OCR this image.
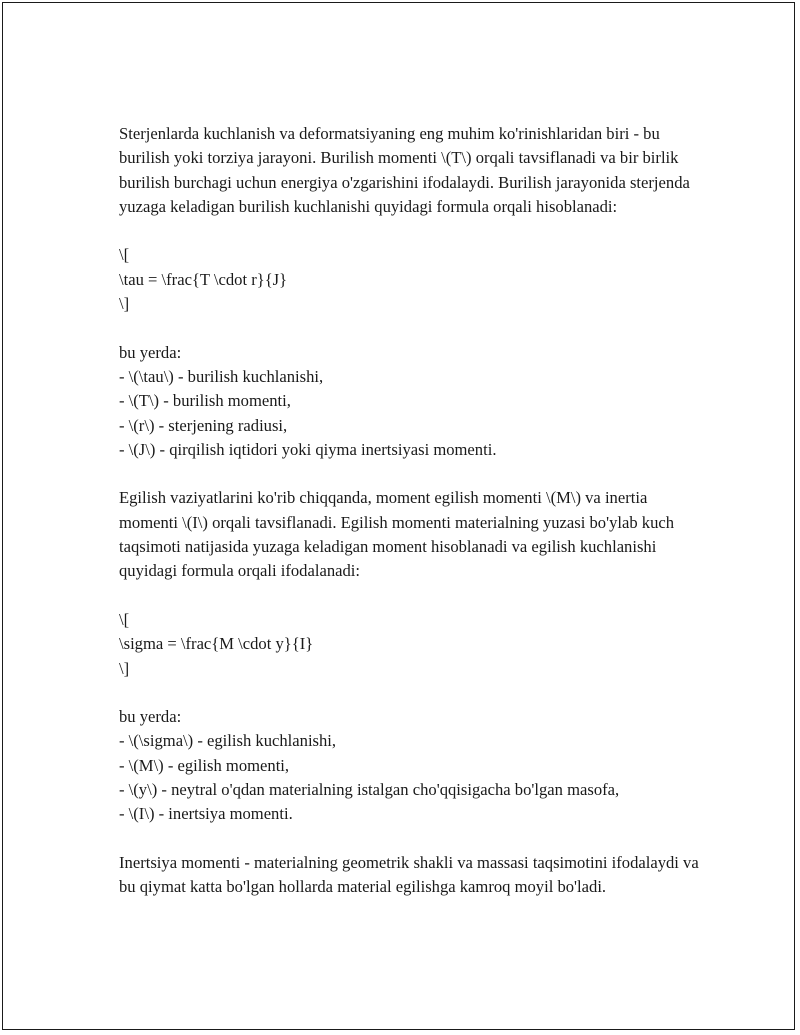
Sterjenlarda kuchlanish va deformatsiyaning eng muhim ko'rinishlaridan biri - bu burilish yoki torziya jarayoni. Burilish momenti \(T\) orqali tavsiflanadi va bir birlik burilish burchagi uchun energiya o'zgarishini ifodalaydi. Burilish jarayonida sterjenda yuzaga keladigan burilish kuchlanishi quyidagi formula orqali hisoblanadi:

\[
\tau = \frac{T \cdot r}{J}
\]
bu yerda:
- \(\tau\) - burilish kuchlanishi,
- \(T\) - burilish momenti,
- \(r\) - sterjening radiusi,
- \(J\) - qirqilish iqtidori yoki qiyma inertsiyasi momenti.

Egilish vaziyatlarini ko'rib chiqqanda, moment egilish momenti \(M\) va inertia momenti \(I\) orqali tavsiflanadi. Egilish momenti materialning yuzasi bo'ylab kuch taqsimoti natijasida yuzaga keladigan moment hisoblanadi va egilish kuchlanishi quyidagi formula orqali ifodalanadi:

\[
\sigma = \frac{M \cdot y}{I}
\]
bu yerda:
- \(\sigma\) - egilish kuchlanishi,
- \(M\) - egilish momenti,
- \(y\) - neytral o'qdan materialning istalgan cho'qqisigacha bo'lgan masofa,
- \(I\) - inertsiya momenti.

Inertsiya momenti - materialning geometrik shakli va massasi taqsimotini ifodalaydi va bu qiymat katta bo'lgan hollarda material egilishga kamroq moyil bo'ladi.
